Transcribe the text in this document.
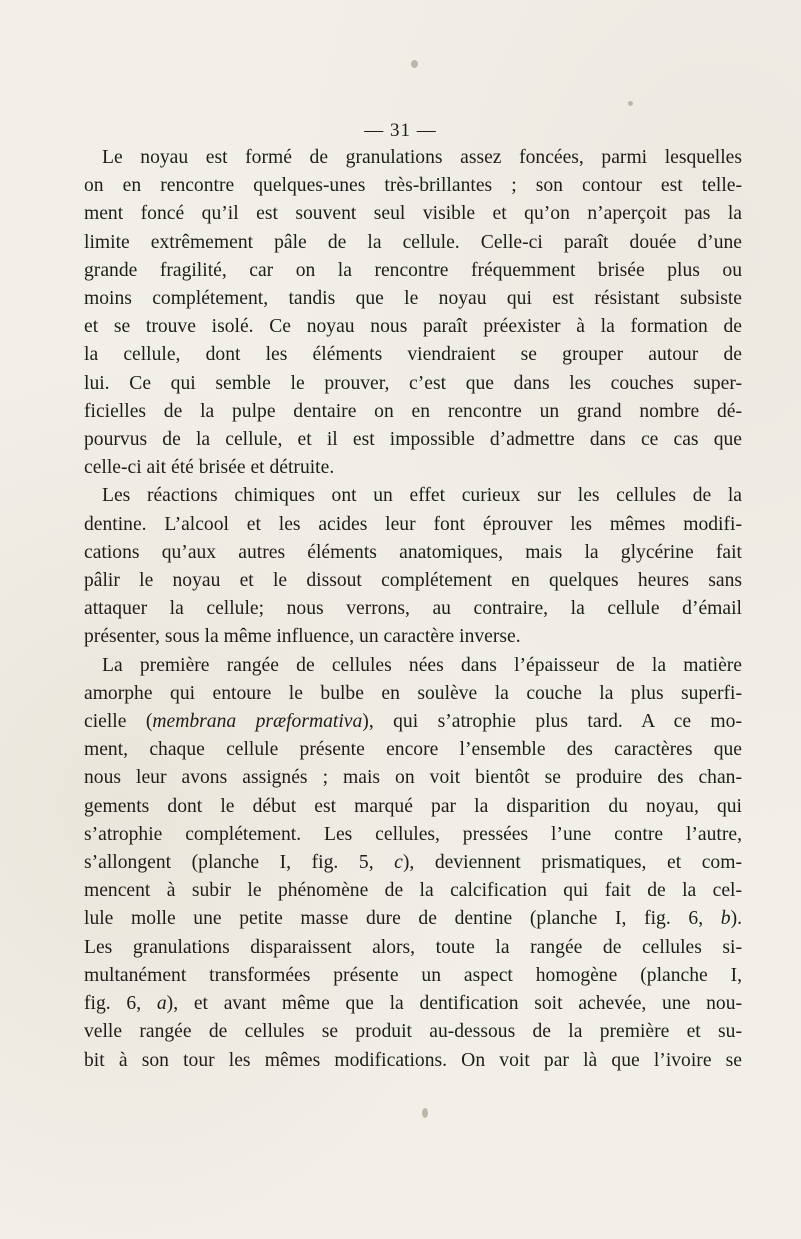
— 31 —
Le noyau est formé de granulations assez foncées, parmi lesquelles
on en rencontre quelques-unes très-brillantes ; son contour est telle-
ment foncé qu’il est souvent seul visible et qu’on n’aperçoit pas la
limite extrêmement pâle de la cellule. Celle-ci paraît douée d’une
grande fragilité, car on la rencontre fréquemment brisée plus ou
moins complétement, tandis que le noyau qui est résistant subsiste
et se trouve isolé. Ce noyau nous paraît préexister à la formation de
la cellule, dont les éléments viendraient se grouper autour de
lui. Ce qui semble le prouver, c’est que dans les couches super-
ficielles de la pulpe dentaire on en rencontre un grand nombre dé-
pourvus de la cellule, et il est impossible d’admettre dans ce cas que
celle-ci ait été brisée et détruite.
Les réactions chimiques ont un effet curieux sur les cellules de la
dentine. L’alcool et les acides leur font éprouver les mêmes modifi-
cations qu’aux autres éléments anatomiques, mais la glycérine fait
pâlir le noyau et le dissout complétement en quelques heures sans
attaquer la cellule; nous verrons, au contraire, la cellule d’émail
présenter, sous la même influence, un caractère inverse.
La première rangée de cellules nées dans l’épaisseur de la matière
amorphe qui entoure le bulbe en soulève la couche la plus superfi-
cielle (membrana præformativa), qui s’atrophie plus tard. A ce mo-
ment, chaque cellule présente encore l’ensemble des caractères que
nous leur avons assignés ; mais on voit bientôt se produire des chan-
gements dont le début est marqué par la disparition du noyau, qui
s’atrophie complétement. Les cellules, pressées l’une contre l’autre,
s’allongent (planche I, fig. 5, c), deviennent prismatiques, et com-
mencent à subir le phénomène de la calcification qui fait de la cel-
lule molle une petite masse dure de dentine (planche I, fig. 6, b).
Les granulations disparaissent alors, toute la rangée de cellules si-
multanément transformées présente un aspect homogène (planche I,
fig. 6, a), et avant même que la dentification soit achevée, une nou-
velle rangée de cellules se produit au-dessous de la première et su-
bit à son tour les mêmes modifications. On voit par là que l’ivoire se
